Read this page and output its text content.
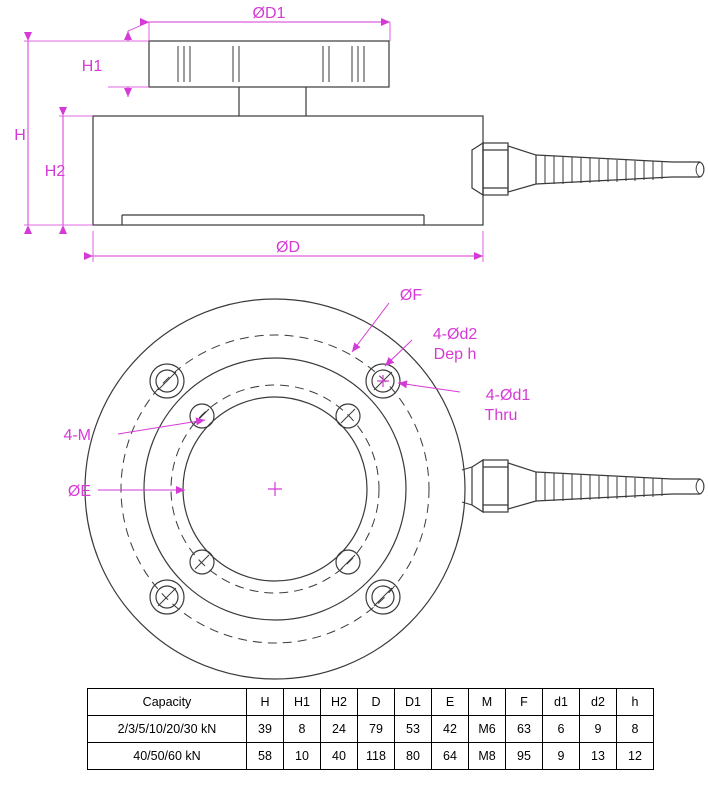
ØD1
H1
H
H2
ØD
ØF
4-Ød2
Dep h
4-Ød1
Thru
4-M
ØE
Capacity	H	H1	H2	D	D1	E	M	F	d1	d2	h
2/3/5/10/20/30 kN	39	8	24	79	53	42	M6	63	6	9	8
40/50/60 kN	58	10	40	118	80	64	M8	95	9	13	12
